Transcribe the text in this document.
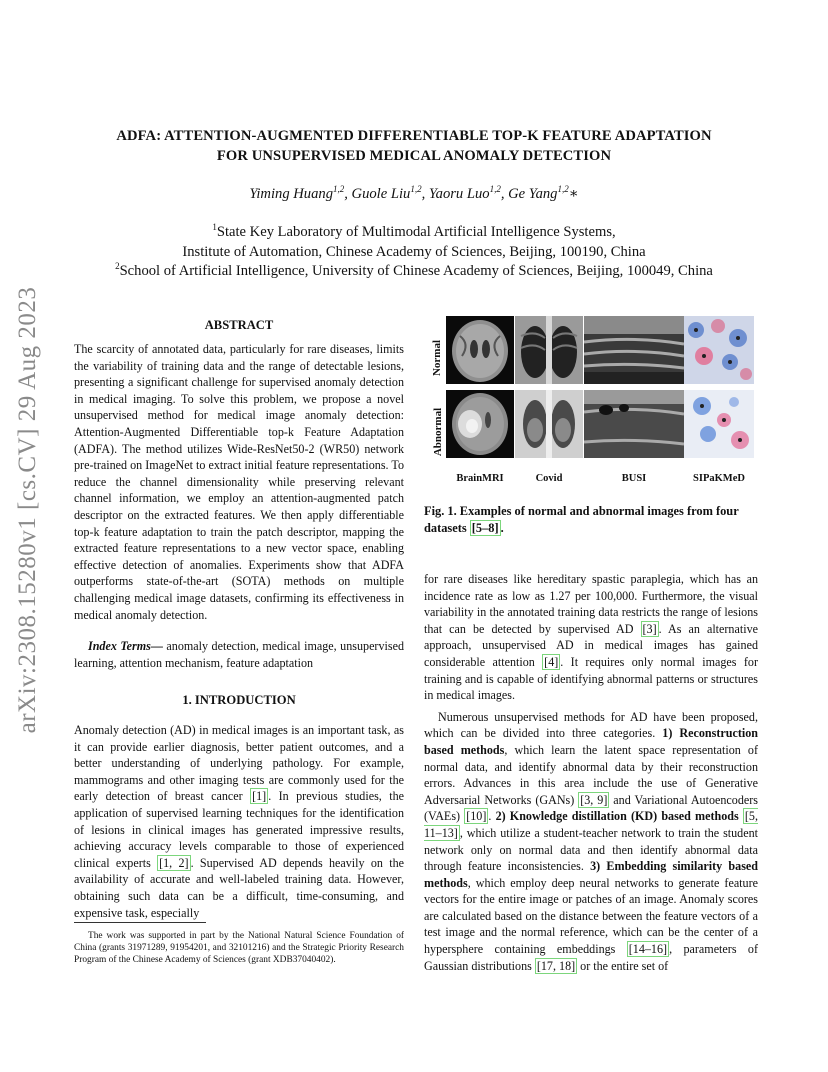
arXiv:2308.15280v1 [cs.CV] 29 Aug 2023
ADFA: ATTENTION-AUGMENTED DIFFERENTIABLE TOP-K FEATURE ADAPTATION
FOR UNSUPERVISED MEDICAL ANOMALY DETECTION
Yiming Huang$^{1,2}$, Guole Liu$^{1,2}$, Yaoru Luo$^{1,2}$, Ge Yang$^{1,2}$∗
$^1$State Key Laboratory of Multimodal Artificial Intelligence Systems,
Institute of Automation, Chinese Academy of Sciences, Beijing, 100190, China
$^2$School of Artificial Intelligence, University of Chinese Academy of Sciences, Beijing, 100049, China
ABSTRACT

The scarcity of annotated data, particularly for rare diseases, limits the variability of training data and the range of detectable lesions, presenting a significant challenge for supervised anomaly detection in medical imaging. To solve this problem, we propose a novel unsupervised method for medical image anomaly detection: Attention-Augmented Differentiable top-k Feature Adaptation (ADFA). The method utilizes Wide-ResNet50-2 (WR50) network pre-trained on ImageNet to extract initial feature representations. To reduce the channel dimensionality while preserving relevant channel information, we employ an attention-augmented patch descriptor on the extracted features. We then apply differentiable top-k feature adaptation to train the patch descriptor, mapping the extracted feature representations to a new vector space, enabling effective detection of anomalies. Experiments show that ADFA outperforms state-of-the-art (SOTA) methods on multiple challenging medical image datasets, confirming its effectiveness in medical anomaly detection.

Index Terms— anomaly detection, medical image, unsupervised learning, attention mechanism, feature adaptation

1. INTRODUCTION

Anomaly detection (AD) in medical images is an important task, as it can provide earlier diagnosis, better patient outcomes, and a better understanding of underlying pathology. For example, mammograms and other imaging tests are commonly used for the early detection of breast cancer [1] . In previous studies, the application of supervised learning techniques for the identification of lesions in clinical images has generated impressive results, achieving accuracy levels comparable to those of experienced clinical experts [1, 2] . Supervised AD depends heavily on the availability of accurate and well-labeled training data. However, obtaining such data can be a difficult, time-consuming, and expensive task, especially

The work was supported in part by the National Natural Science Foundation of China (grants 31971289, 91954201, and 32101216) and the Strategic Priority Research Program of the Chinese Academy of Sciences (grant XDB37040402).

Normal
Abnormal
BrainMRI	Covid	BUSI	SIPaKMeD
Fig. 1. Examples of normal and abnormal images from four datasets [5–8] .

for rare diseases like hereditary spastic paraplegia, which has an incidence rate as low as 1.27 per 100,000. Furthermore, the visual variability in the annotated training data restricts the range of lesions that can be detected by supervised AD [3] . As an alternative approach, unsupervised AD in medical images has gained considerable attention [4] . It requires only normal images for training and is capable of identifying abnormal patterns or structures in medical images.

Numerous unsupervised methods for AD have been proposed, which can be divided into three categories. 1) Reconstruction based methods, which learn the latent space representation of normal data, and identify abnormal data by their reconstruction errors. Advances in this area include the use of Generative Adversarial Networks (GANs) [3, 9] and Variational Autoencoders (VAEs) [10] . 2) Knowledge distillation (KD) based methods [5, 11–13] , which utilize a student-teacher network to train the student network only on normal data and then identify abnormal data through feature inconsistencies. 3) Embedding similarity based methods, which employ deep neural networks to generate feature vectors for the entire image or patches of an image. Anomaly scores are calculated based on the distance between the feature vectors of a test image and the normal reference, which can be the center of a hypersphere containing embeddings [14–16] , parameters of Gaussian distributions [17, 18] or the entire set of
